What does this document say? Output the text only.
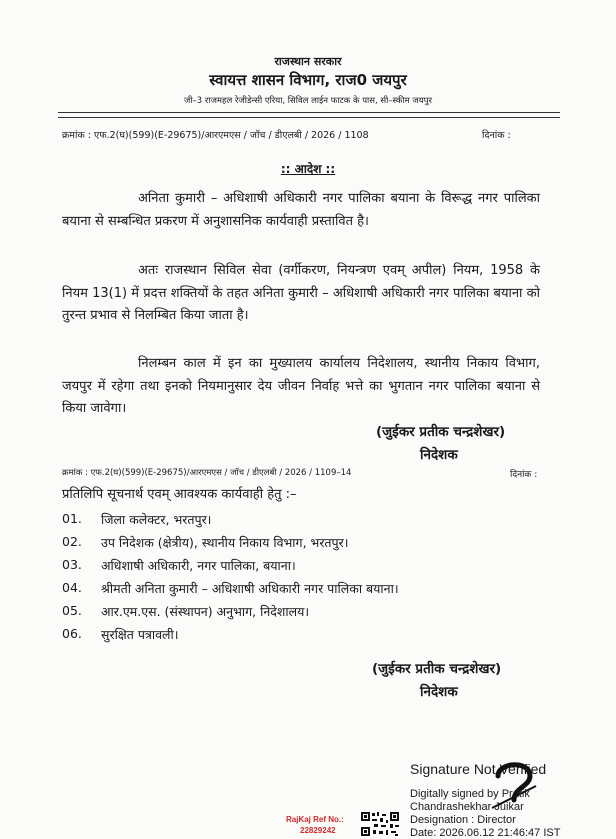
राजस्थान सरकार
स्वायत्त शासन विभाग, राज0 जयपुर
जी–3 राजमहल रेजीडेन्सी एरिया, सिविल लाईन फाटक के पास, सी–स्कीम जयपुर
क्रमांक : एफ.2(घ)(599)(E-29675)/आरएमएस / जॉच / डीएलबी / 2026 / 1108	दिनांक :
:: आदेश ::
अनिता कुमारी – अधिशाषी अधिकारी नगर पालिका बयाना के विरूद्ध नगर पालिका बयाना से सम्बन्धित प्रकरण में अनुशासनिक कार्यवाही प्रस्तावित है।
अतः राजस्थान सिविल सेवा (वर्गीकरण, नियन्त्रण एवम् अपील) नियम, 1958 के नियम 13(1) में प्रदत्त शक्तियों के तहत अनिता कुमारी – अधिशाषी अधिकारी नगर पालिका बयाना को तुरन्त प्रभाव से निलम्बित किया जाता है।
निलम्बन काल में इन का मुख्यालय कार्यालय निदेशालय, स्थानीय निकाय विभाग, जयपुर में रहेगा तथा इनको नियमानुसार देय जीवन निर्वाह भत्ते का भुगतान नगर पालिका बयाना से किया जावेगा।
(जुईकर प्रतीक चन्द्रशेखर)
निदेशक
क्रमांक : एफ.2(घ)(599)(E-29675)/आरएमएस / जॉच / डीएलबी / 2026 / 1109–14	दिनांक :
प्रतिलिपि सूचनार्थ एवम् आवश्यक कार्यवाही हेतु :–
01. जिला कलेक्टर, भरतपुर।
02. उप निदेशक (क्षेत्रीय), स्थानीय निकाय विभाग, भरतपुर।
03. अधिशाषी अधिकारी, नगर पालिका, बयाना।
04. श्रीमती अनिता कुमारी – अधिशाषी अधिकारी नगर पालिका बयाना।
05. आर.एम.एस. (संस्थापन) अनुभाग, निदेशालय।
06. सुरक्षित पत्रावली।
(जुईकर प्रतीक चन्द्रशेखर)
निदेशक
Signature Not Verified
Digitally signed by Pratik
Chandrashekhar Juikar
Designation : Director
Date: 2026.06.12 21:46:47 IST
RajKaj Ref No.:
22829242
